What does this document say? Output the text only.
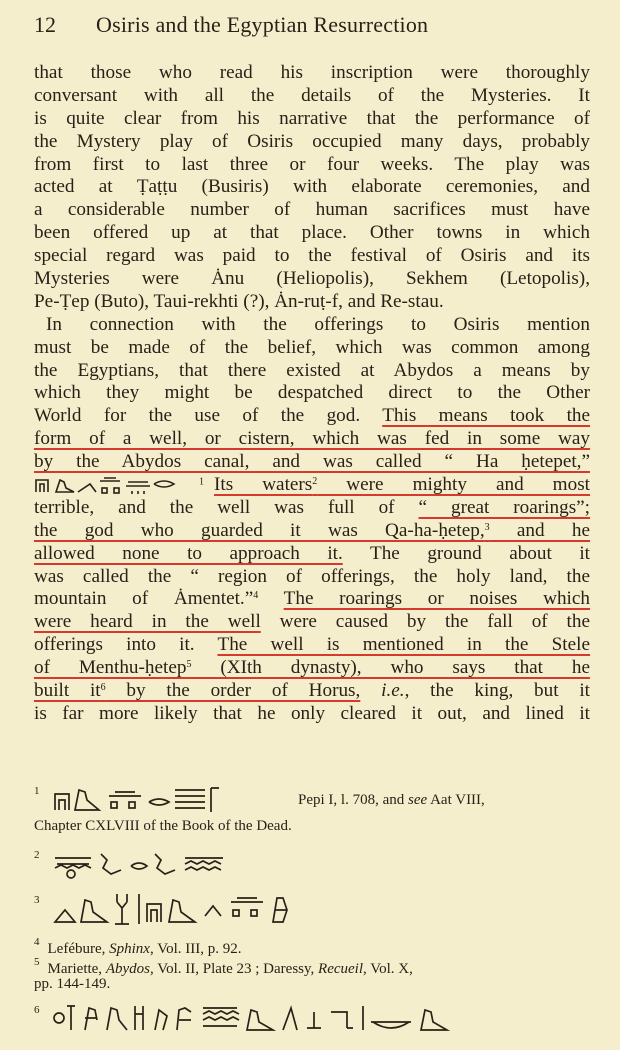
12 Osiris and the Egyptian Resurrection
that those who read his inscription were thoroughly
conversant with all the details of the Mysteries. It
is quite clear from his narrative that the performance of
the Mystery play of Osiris occupied many days, probably
from first to last three or four weeks. The play was
acted at Ṭaṭṭu (Busiris) with elaborate ceremonies, and
a considerable number of human sacrifices must have
been offered up at that place. Other towns in which
special regard was paid to the festival of Osiris and its
Mysteries were Ȧnu (Heliopolis), Sekhem (Letopolis),
Pe-Ṭep (Buto), Taui-rekhti (?), Ȧn-ruṭ-f, and Re-stau.
In connection with the offerings to Osiris mention
must be made of the belief, which was common among
the Egyptians, that there existed at Abydos a means by
which they might be despatched direct to the Other
World for the use of the god. This means took the
form of a well, or cistern, which was fed in some way
by the Abydos canal, and was called “ Ha ḥetepet,”
$^1$ Its waters$^2$ were mighty and most
terrible, and the well was full of “ great roarings”;
the god who guarded it was Qa-ha-ḥetep,$^3$ and he
allowed none to approach it. The ground about it
was called the “ region of offerings, the holy land, the
mountain of Ȧmentet.”$^4$ The roarings or noises which
were heard in the well were caused by the fall of the
offerings into it. The well is mentioned in the Stele
of Menthu-ḥetep$^5$ (XIth dynasty), who says that he
built $it^6$ by the order of Horus, i.e., the king, but it
is far more likely that he only cleared it out, and lined it
$^1$
Pepi I, l. 708, and see Aat VIII,
Chapter CXLVIII of the Book of the Dead.
$^2$
$^3$
$^4$ Lefébure, Sphinx, Vol. III, p. 92.
$^5$ Mariette, Abydos, Vol. II, Plate 23 ; Daressy, Recueil, Vol. X,
pp. 144-149.
$^6$
